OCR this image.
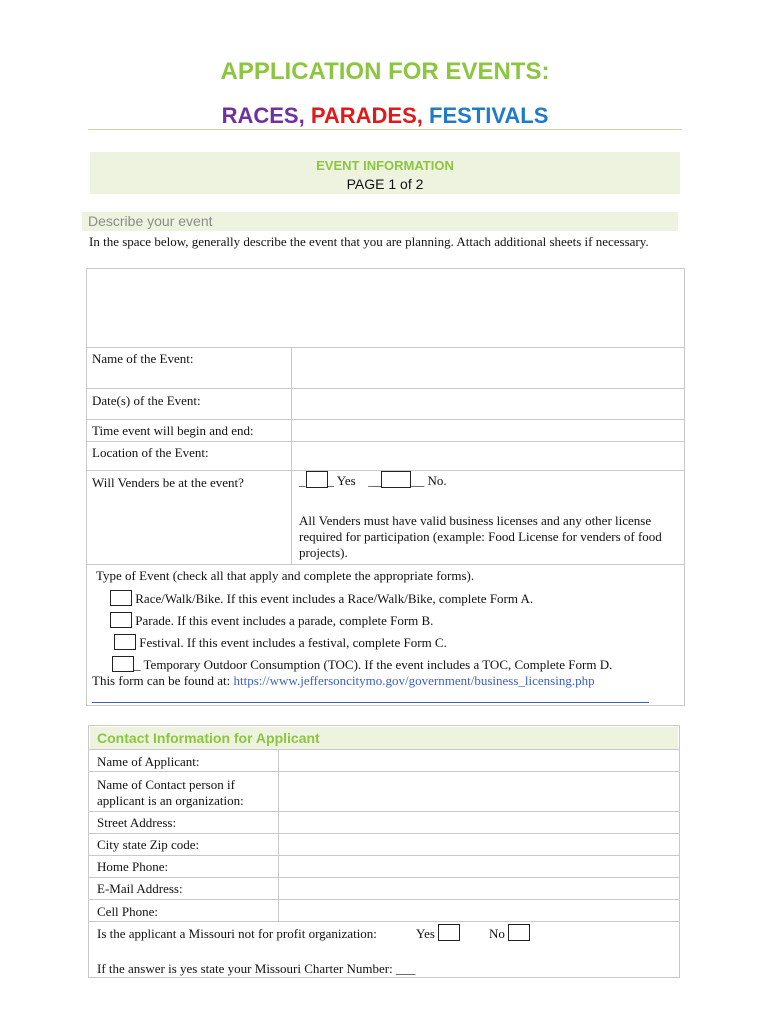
APPLICATION FOR EVENTS:
RACES, PARADES, FESTIVALS
EVENT INFORMATION
PAGE 1 of 2
Describe your event
In the space below, generally describe the event that you are planning. Attach additional sheets if necessary.
Name of the Event:
Date(s) of the Event:
Time event will begin and end:
Location of the Event:
Will Venders be at the event?	_ _ Yes __ __ No.
All Venders must have valid business licenses and any other license required for participation (example: Food License for venders of food projects).
Type of Event (check all that apply and complete the appropriate forms).
Race/Walk/Bike. If this event includes a Race/Walk/Bike, complete Form A.
Parade. If this event includes a parade, complete Form B.
Festival. If this event includes a festival, complete Form C.
_ Temporary Outdoor Consumption (TOC). If the event includes a TOC, Complete Form D.
This form can be found at: https://www.jeffersoncitymo.gov/government/business_licensing.php
Contact Information for Applicant
Name of Applicant:
Name of Contact person if applicant is an organization:
Street Address:
City state Zip code:
Home Phone:
E-Mail Address:
Cell Phone:
Is the applicant a Missouri not for profit organization:	Yes	No
If the answer is yes state your Missouri Charter Number: ___
